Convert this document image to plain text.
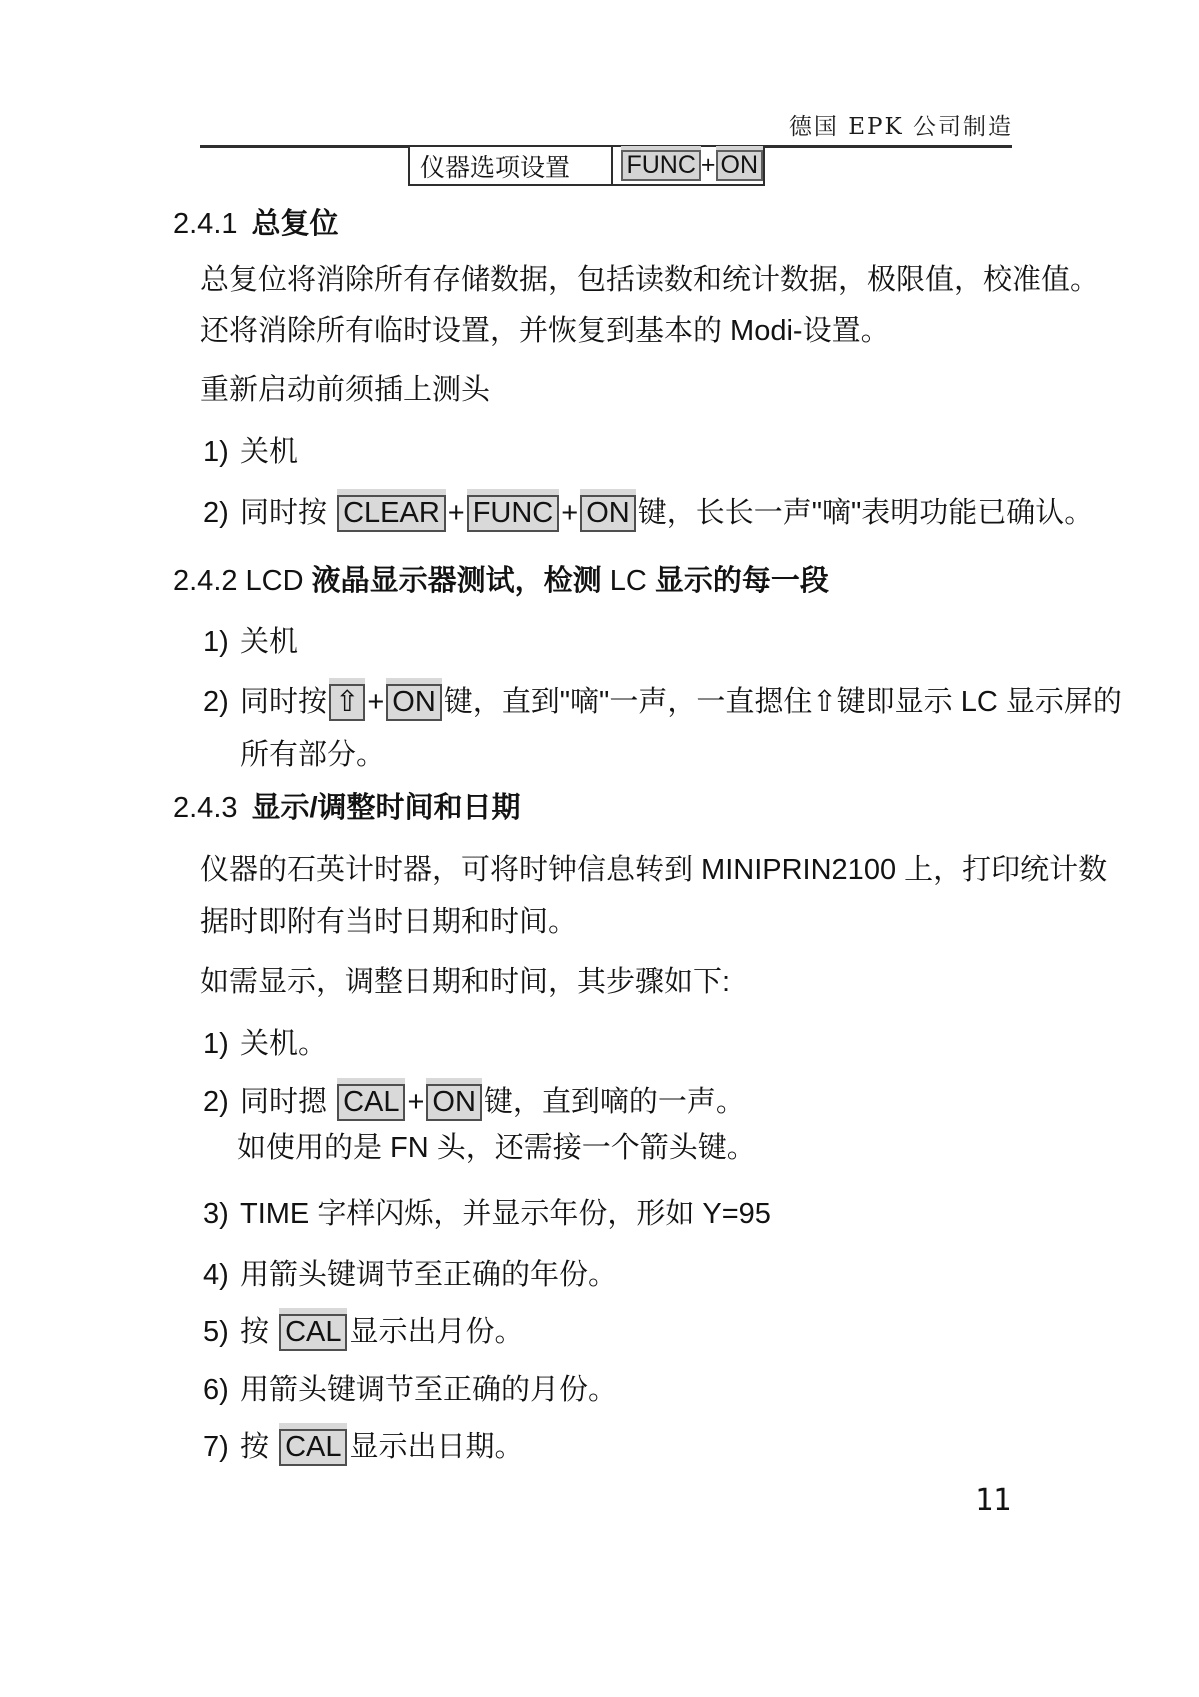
德国 EPK 公司制造
仪器选项设置 FUNC + ON
2.4.1 总复位
总复位将消除所有存储数据，包括读数和统计数据，极限值，校准值。
还将消除所有临时设置，并恢复到基本的 Modi-设置。
重新启动前须插上测头
1) 关机
2) 同时按 CLEAR + FUNC + ON 键，长长一声"嘀"表明功能已确认。
2.4.2 LCD 液晶显示器测试，检测 LC 显示的每一段
1) 关机
2) 同时按 ⇧ + ON 键，直到"嘀"一声，一直摁住⇧键即显示 LC 显示屏的
所有部分。
2.4.3 显示/调整时间和日期
仪器的石英计时器，可将时钟信息转到 MINIPRIN2100 上，打印统计数
据时即附有当时日期和时间。
如需显示，调整日期和时间，其步骤如下:
1) 关机。
2) 同时摁 CAL + ON 键，直到嘀的一声。
如使用的是 FN 头，还需接一个箭头键。
3) TIME 字样闪烁，并显示年份，形如 Y=95
4) 用箭头键调节至正确的年份。
5) 按 CAL 显示出月份。
6) 用箭头键调节至正确的月份。
7) 按 CAL 显示出日期。
11
